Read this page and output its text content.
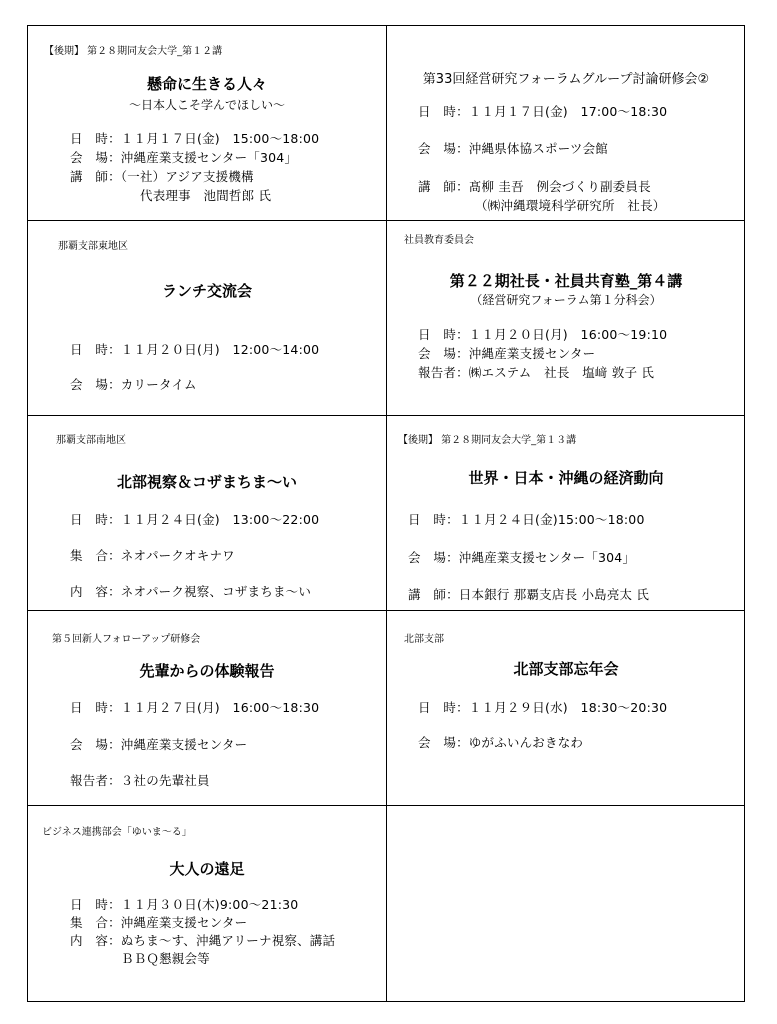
【後期】 第２８期同友会大学_第１２講
懸命に生きる人々
～日本人こそ学んでほしい～
日　時：１１月１７日(金)　15:00～18:00
会　場：沖縄産業支援センター「304」
講　師：（一社）アジア支援機構
代表理事　池間哲郎 氏
第33回経営研究フォーラムグループ討論研修会②
日　時：１１月１７日(金)　17:00～18:30
会　場：沖縄県体協スポーツ会館
講　師：髙柳 圭吾　例会づくり副委員長
（㈱沖縄環境科学研究所　社長）
那覇支部東地区
ランチ交流会
日　時：１１月２０日(月)　12:00～14:00
会　場：カリータイム
社員教育委員会
第２２期社長・社員共育塾_第４講
（経営研究フォーラム第１分科会）
日　時：１１月２０日(月)　16:00～19:10
会　場：沖縄産業支援センター
報告者：㈱エステム　社長　塩﨑 敦子 氏
那覇支部南地区
北部視察＆コザまちま～い
日　時：１１月２４日(金)　13:00～22:00
集　合：ネオパークオキナワ
内　容：ネオパーク視察、コザまちま～い
【後期】 第２８期同友会大学_第１３講
世界・日本・沖縄の経済動向
日　時：１１月２４日(金)15:00～18:00
会　場：沖縄産業支援センター「304」
講　師：日本銀行 那覇支店長 小島亮太 氏
第５回新人フォローアップ研修会
先輩からの体験報告
日　時：１１月２７日(月)　16:00～18:30
会　場：沖縄産業支援センター
報告者：３社の先輩社員
北部支部
北部支部忘年会
日　時：１１月２９日(水)　18:30～20:30
会　場：ゆがふいんおきなわ
ビジネス連携部会「ゆいま～る」
大人の遠足
日　時：１１月３０日(木)9:00～21:30
集　合：沖縄産業支援センター
内　容：ぬちま～す、沖縄アリーナ視察、講話
ＢＢＱ懇親会等
